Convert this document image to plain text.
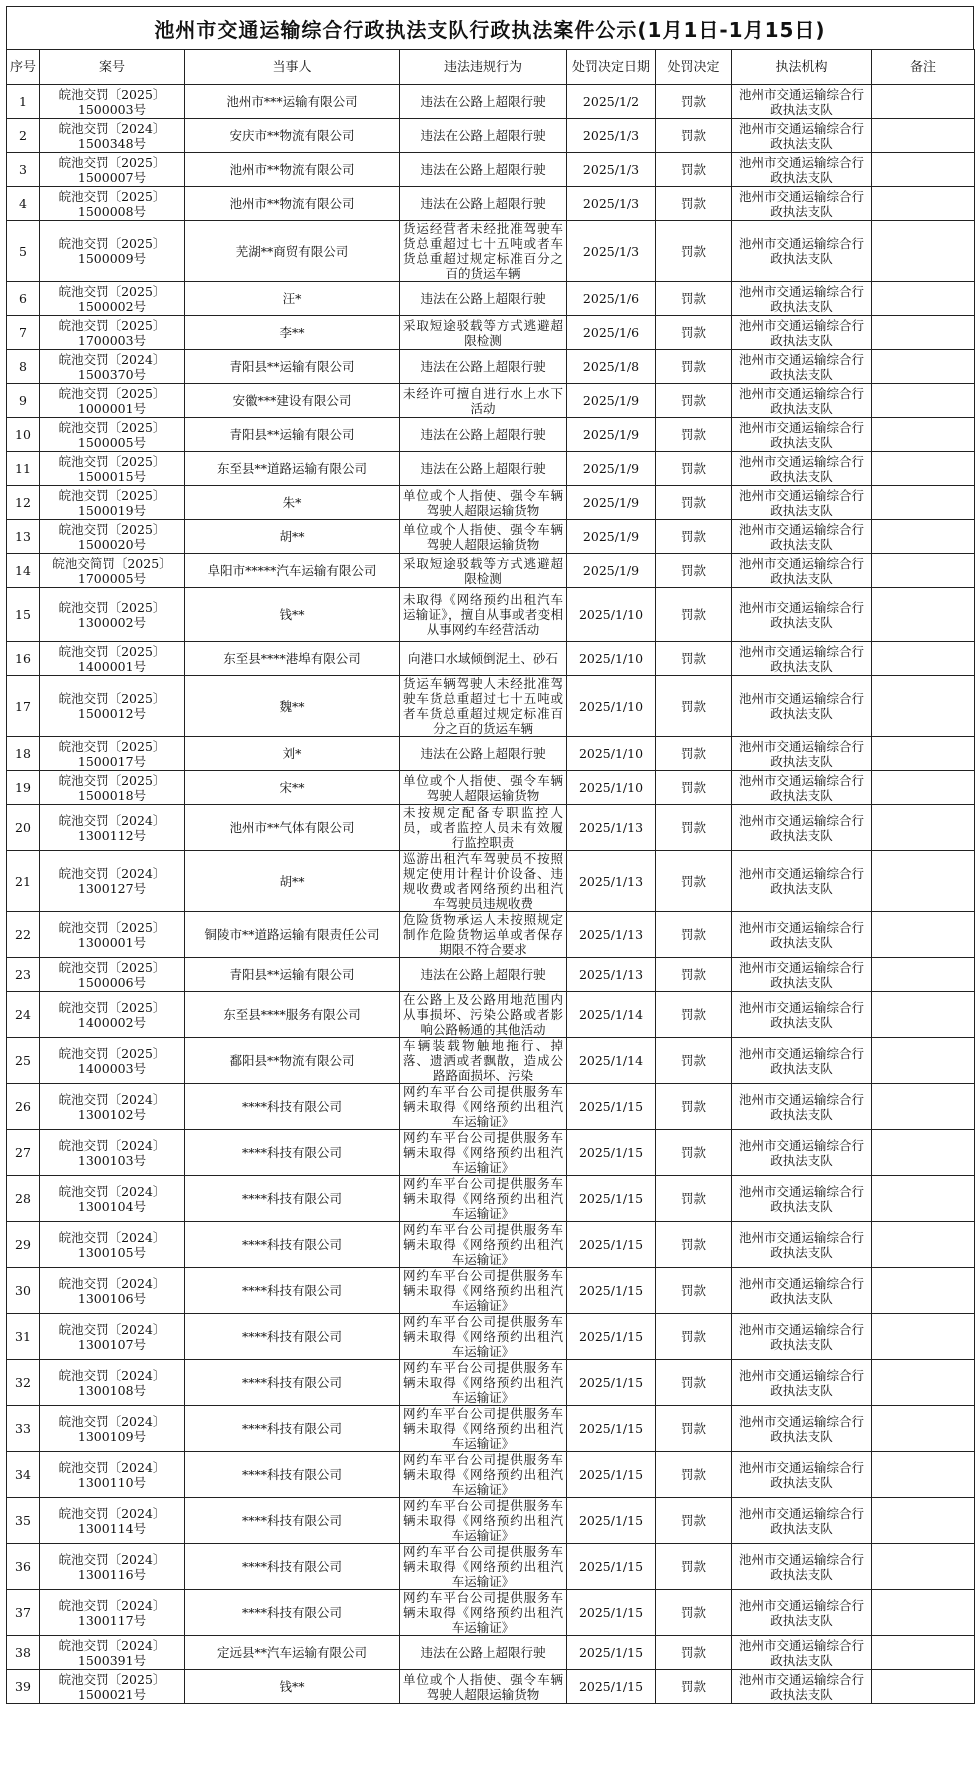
池州市交通运输综合行政执法支队行政执法案件公示(1月1日-1月15日)
序号	案号	当事人	违法违规行为	处罚决定日期	处罚决定	执法机构	备注
1	皖池交罚〔2025〕1500003号	池州市***运输有限公司	违法在公路上超限行驶	2025/1/2	罚款	池州市交通运输综合行政执法支队	
2	皖池交罚〔2024〕1500348号	安庆市**物流有限公司	违法在公路上超限行驶	2025/1/3	罚款	池州市交通运输综合行政执法支队	
3	皖池交罚〔2025〕1500007号	池州市**物流有限公司	违法在公路上超限行驶	2025/1/3	罚款	池州市交通运输综合行政执法支队	
4	皖池交罚〔2025〕1500008号	池州市**物流有限公司	违法在公路上超限行驶	2025/1/3	罚款	池州市交通运输综合行政执法支队	
5	皖池交罚〔2025〕1500009号	芜湖**商贸有限公司	货运经营者未经批准驾驶车货总重超过七十五吨或者车货总重超过规定标准百分之百的货运车辆	2025/1/3	罚款	池州市交通运输综合行政执法支队	
6	皖池交罚〔2025〕1500002号	汪*	违法在公路上超限行驶	2025/1/6	罚款	池州市交通运输综合行政执法支队	
7	皖池交罚〔2025〕1700003号	李**	采取短途驳载等方式逃避超限检测	2025/1/6	罚款	池州市交通运输综合行政执法支队	
8	皖池交罚〔2024〕1500370号	青阳县**运输有限公司	违法在公路上超限行驶	2025/1/8	罚款	池州市交通运输综合行政执法支队	
9	皖池交罚〔2025〕1000001号	安徽***建设有限公司	未经许可擅自进行水上水下活动	2025/1/9	罚款	池州市交通运输综合行政执法支队	
10	皖池交罚〔2025〕1500005号	青阳县**运输有限公司	违法在公路上超限行驶	2025/1/9	罚款	池州市交通运输综合行政执法支队	
11	皖池交罚〔2025〕1500015号	东至县**道路运输有限公司	违法在公路上超限行驶	2025/1/9	罚款	池州市交通运输综合行政执法支队	
12	皖池交罚〔2025〕1500019号	朱*	单位或个人指使、强令车辆驾驶人超限运输货物	2025/1/9	罚款	池州市交通运输综合行政执法支队	
13	皖池交罚〔2025〕1500020号	胡**	单位或个人指使、强令车辆驾驶人超限运输货物	2025/1/9	罚款	池州市交通运输综合行政执法支队	
14	皖池交简罚〔2025〕1700005号	阜阳市*****汽车运输有限公司	采取短途驳载等方式逃避超限检测	2025/1/9	罚款	池州市交通运输综合行政执法支队	
15	皖池交罚〔2025〕1300002号	钱**	未取得《网络预约出租汽车运输证》，擅自从事或者变相从事网约车经营活动	2025/1/10	罚款	池州市交通运输综合行政执法支队	
16	皖池交罚〔2025〕1400001号	东至县****港埠有限公司	向港口水域倾倒泥土、砂石	2025/1/10	罚款	池州市交通运输综合行政执法支队	
17	皖池交罚〔2025〕1500012号	魏**	货运车辆驾驶人未经批准驾驶车货总重超过七十五吨或者车货总重超过规定标准百分之百的货运车辆	2025/1/10	罚款	池州市交通运输综合行政执法支队	
18	皖池交罚〔2025〕1500017号	刘*	违法在公路上超限行驶	2025/1/10	罚款	池州市交通运输综合行政执法支队	
19	皖池交罚〔2025〕1500018号	宋**	单位或个人指使、强令车辆驾驶人超限运输货物	2025/1/10	罚款	池州市交通运输综合行政执法支队	
20	皖池交罚〔2024〕1300112号	池州市**气体有限公司	未按规定配备专职监控人员，或者监控人员未有效履行监控职责	2025/1/13	罚款	池州市交通运输综合行政执法支队	
21	皖池交罚〔2024〕1300127号	胡**	巡游出租汽车驾驶员不按照规定使用计程计价设备、违规收费或者网络预约出租汽车驾驶员违规收费	2025/1/13	罚款	池州市交通运输综合行政执法支队	
22	皖池交罚〔2025〕1300001号	铜陵市**道路运输有限责任公司	危险货物承运人未按照规定制作危险货物运单或者保存期限不符合要求	2025/1/13	罚款	池州市交通运输综合行政执法支队	
23	皖池交罚〔2025〕1500006号	青阳县**运输有限公司	违法在公路上超限行驶	2025/1/13	罚款	池州市交通运输综合行政执法支队	
24	皖池交罚〔2025〕1400002号	东至县****服务有限公司	在公路上及公路用地范围内从事损坏、污染公路或者影响公路畅通的其他活动	2025/1/14	罚款	池州市交通运输综合行政执法支队	
25	皖池交罚〔2025〕1400003号	鄱阳县**物流有限公司	车辆装载物触地拖行、掉落、遗洒或者飘散，造成公路路面损坏、污染	2025/1/14	罚款	池州市交通运输综合行政执法支队	
26	皖池交罚〔2024〕1300102号	****科技有限公司	网约车平台公司提供服务车辆未取得《网络预约出租汽车运输证》	2025/1/15	罚款	池州市交通运输综合行政执法支队	
27	皖池交罚〔2024〕1300103号	****科技有限公司	网约车平台公司提供服务车辆未取得《网络预约出租汽车运输证》	2025/1/15	罚款	池州市交通运输综合行政执法支队	
28	皖池交罚〔2024〕1300104号	****科技有限公司	网约车平台公司提供服务车辆未取得《网络预约出租汽车运输证》	2025/1/15	罚款	池州市交通运输综合行政执法支队	
29	皖池交罚〔2024〕1300105号	****科技有限公司	网约车平台公司提供服务车辆未取得《网络预约出租汽车运输证》	2025/1/15	罚款	池州市交通运输综合行政执法支队	
30	皖池交罚〔2024〕1300106号	****科技有限公司	网约车平台公司提供服务车辆未取得《网络预约出租汽车运输证》	2025/1/15	罚款	池州市交通运输综合行政执法支队	
31	皖池交罚〔2024〕1300107号	****科技有限公司	网约车平台公司提供服务车辆未取得《网络预约出租汽车运输证》	2025/1/15	罚款	池州市交通运输综合行政执法支队	
32	皖池交罚〔2024〕1300108号	****科技有限公司	网约车平台公司提供服务车辆未取得《网络预约出租汽车运输证》	2025/1/15	罚款	池州市交通运输综合行政执法支队	
33	皖池交罚〔2024〕1300109号	****科技有限公司	网约车平台公司提供服务车辆未取得《网络预约出租汽车运输证》	2025/1/15	罚款	池州市交通运输综合行政执法支队	
34	皖池交罚〔2024〕1300110号	****科技有限公司	网约车平台公司提供服务车辆未取得《网络预约出租汽车运输证》	2025/1/15	罚款	池州市交通运输综合行政执法支队	
35	皖池交罚〔2024〕1300114号	****科技有限公司	网约车平台公司提供服务车辆未取得《网络预约出租汽车运输证》	2025/1/15	罚款	池州市交通运输综合行政执法支队	
36	皖池交罚〔2024〕1300116号	****科技有限公司	网约车平台公司提供服务车辆未取得《网络预约出租汽车运输证》	2025/1/15	罚款	池州市交通运输综合行政执法支队	
37	皖池交罚〔2024〕1300117号	****科技有限公司	网约车平台公司提供服务车辆未取得《网络预约出租汽车运输证》	2025/1/15	罚款	池州市交通运输综合行政执法支队	
38	皖池交罚〔2024〕1500391号	定远县**汽车运输有限公司	违法在公路上超限行驶	2025/1/15	罚款	池州市交通运输综合行政执法支队	
39	皖池交罚〔2025〕1500021号	钱**	单位或个人指使、强令车辆驾驶人超限运输货物	2025/1/15	罚款	池州市交通运输综合行政执法支队	
